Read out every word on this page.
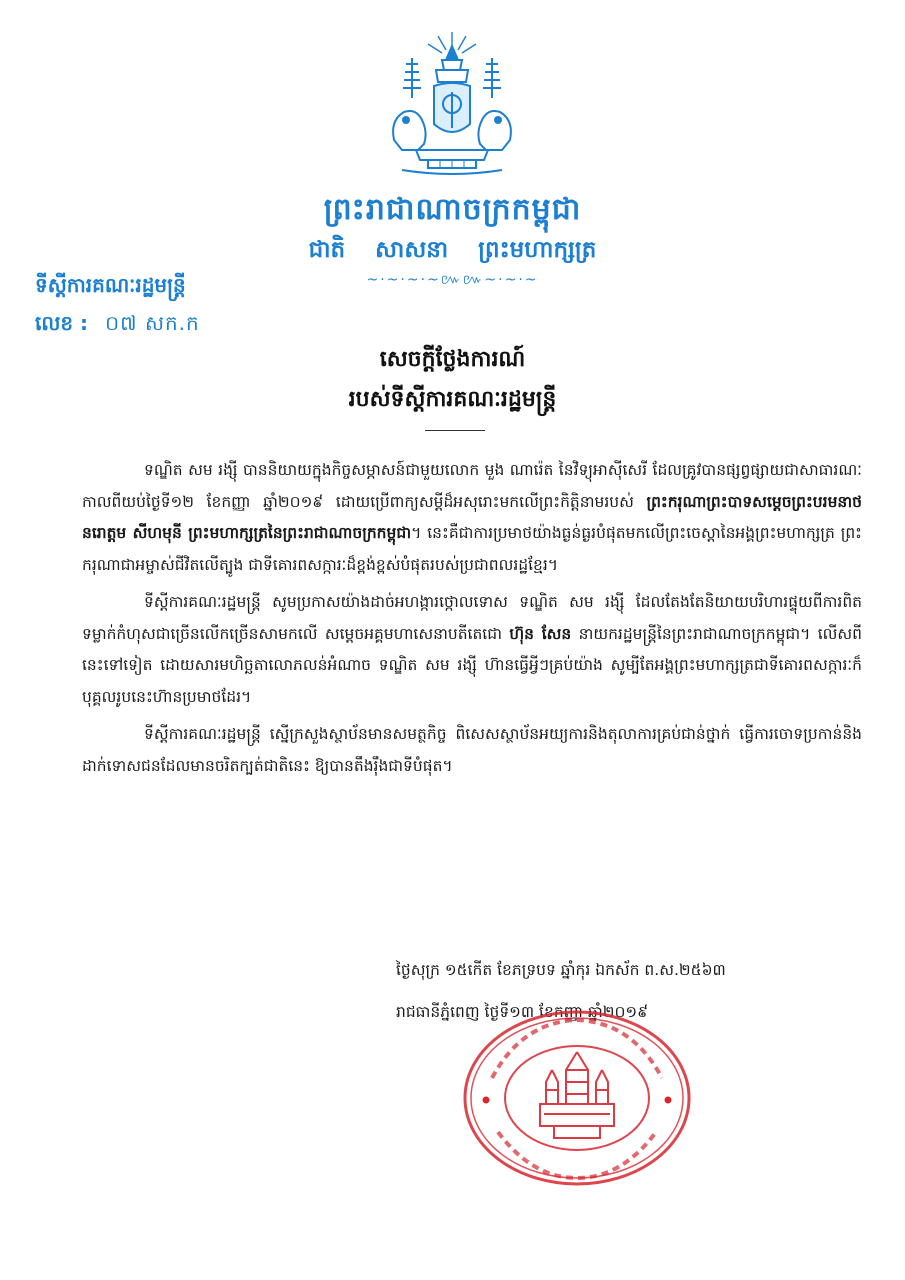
ព្រះរាជាណាចក្រកម្ពុជា
ជាតិ សាសនា ព្រះមហាក្សត្រ
~·~·~·~៚៚~·~·~
ទីស្តីការគណៈរដ្ឋមន្ត្រី
លេខ : ០៧ សក.ក
សេចក្តីថ្លែងការណ៍
របស់ទីស្តីការគណៈរដ្ឋមន្ត្រី

ទណ្ឌិត សម រង្ស៊ី បាននិយាយក្នុងកិច្ចសម្ភាសន៍ជាមួយលោក មួង ណារ៉េត នៃវិទ្យុអាស៊ីសេរី ដែលគ្រូវបានផ្សព្វផ្សាយជាសាធារណៈ កាលពីយប់ថ្ងៃទី១២ ខែកញ្ញា ឆ្នាំ២០១៩ ដោយប្រើពាក្យសម្តីដ៏អសុរោះមកលើព្រះកិត្តិនាមរបស់ ព្រះករុណាព្រះបាទសម្តេចព្រះបរមនាថ នរោត្តម សីហមុនី ព្រះមហាក្សត្រនៃព្រះរាជាណាចក្រកម្ពុជា។ នេះគឺជាការប្រមាថយ៉ាងធ្ងន់ធ្ងរបំផុតមកលើព្រះចេស្តានៃអង្គព្រះមហាក្សត្រ ព្រះករុណាជាអម្ចាស់ជីវិតលើត្បូង ជាទីគោរពសក្ការៈដ៏ខ្ពង់ខ្ពស់បំផុតរបស់ប្រជាពលរដ្ឋខ្មែរ។

ទីស្តីការគណៈរដ្ឋមន្ត្រី សូមប្រកាសយ៉ាងដាច់អហង្ការថ្កោលទោស ទណ្ឌិត សម រង្ស៊ី ដែលតែងតែនិយាយបរិហារផ្ទុយពីការពិត ទម្លាក់កំហុសជាច្រើនលើកច្រើនសាមកលើ សម្តេចអគ្គមហាសេនាបតីតេជោ ហ៊ុន សែន នាយករដ្ឋមន្ត្រីនៃព្រះរាជាណាចក្រកម្ពុជា។ លើសពីនេះទៅទៀត ដោយសារមហិច្ឆតាលោភលន់អំណាច ទណ្ឌិត សម រង្ស៊ី ហ៊ានធ្វើអ្វីៗគ្រប់យ៉ាង សូម្បីតែអង្គព្រះមហាក្សត្រជាទីគោរពសក្ការៈក៏បុគ្គលរូបនេះហ៊ានប្រមាថដែរ។

ទីស្តីការគណៈរដ្ឋមន្ត្រី ស្នើក្រសួងស្ថាប័នមានសមត្ថកិច្ច ពិសេសស្ថាប័នអយ្យការនិងតុលាការគ្រប់ជាន់ថ្នាក់ ធ្វើការចោទប្រកាន់និងដាក់ទោសជនដែលមានចរិតក្បត់ជាតិនេះ ឱ្យបានតឹងរ៉ឹងជាទីបំផុត។

ថ្ងៃសុក្រ ១៥កើត ខែភទ្របទ ឆ្នាំកុរ ឯកស័ក ព.ស.២៥៦៣
រាជធានីភ្នំពេញ ថ្ងៃទី១៣ ខែកញ្ញា ឆ្នាំ២០១៩
